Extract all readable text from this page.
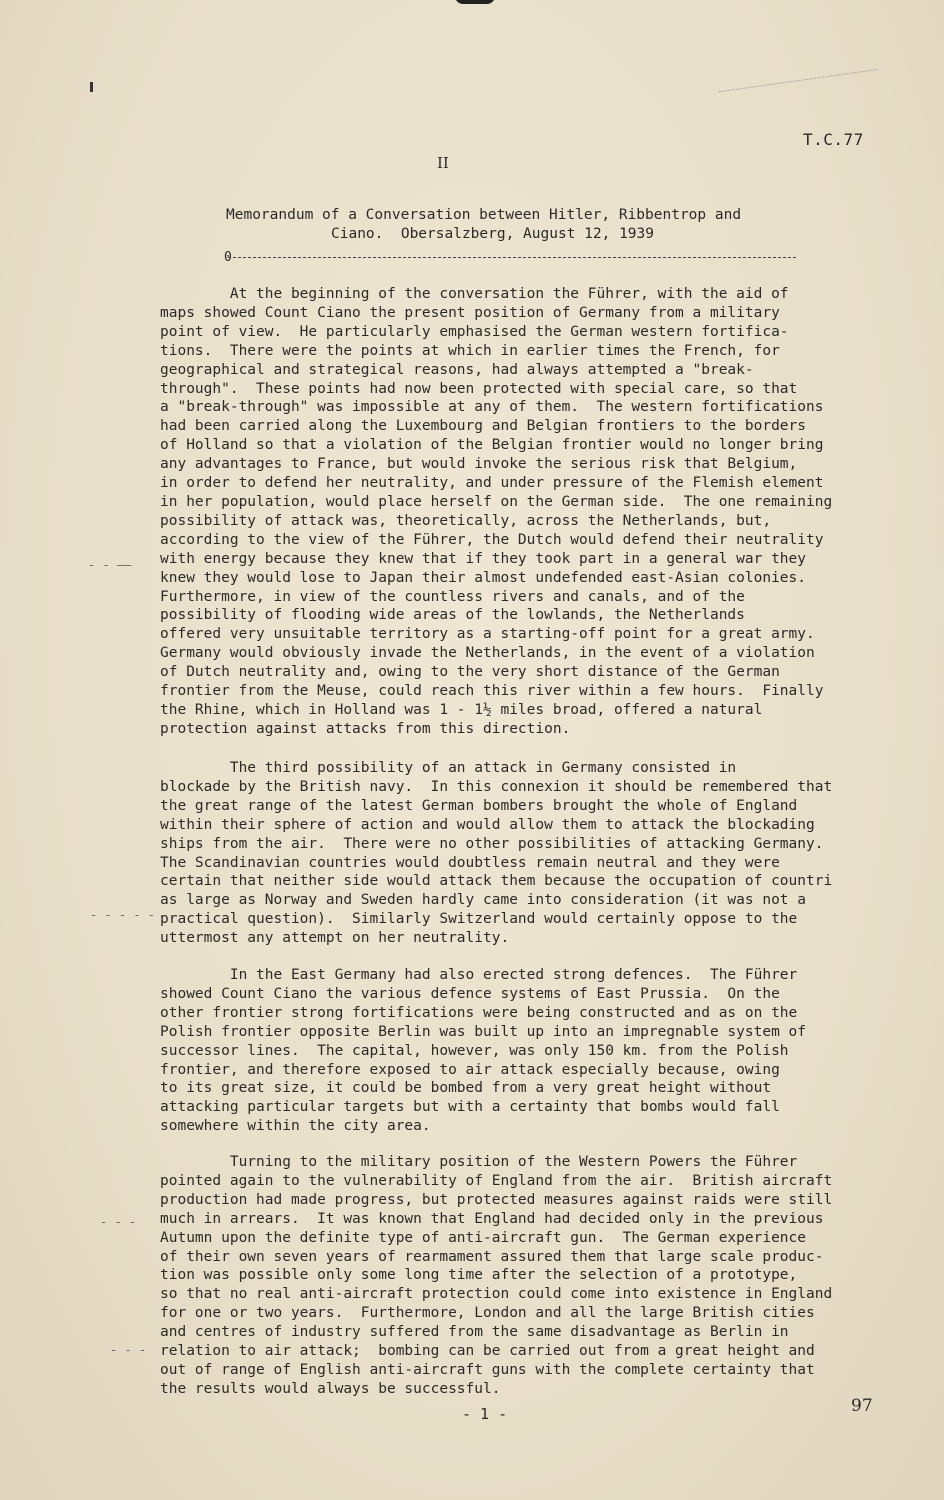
T.C.77
II
Memorandum of a Conversation between Hitler, Ribbentrop and
Ciano.  Obersalzberg, August 12, 1939
0
At the beginning of the conversation the Führer, with the aid of
maps showed Count Ciano the present position of Germany from a military
point of view.  He particularly emphasised the German western fortifica-
tions.  There were the points at which in earlier times the French, for
geographical and strategical reasons, had always attempted a "break-
through".  These points had now been protected with special care, so that
a "break-through" was impossible at any of them.  The western fortifications
had been carried along the Luxembourg and Belgian frontiers to the borders
of Holland so that a violation of the Belgian frontier would no longer bring
any advantages to France, but would invoke the serious risk that Belgium,
in order to defend her neutrality, and under pressure of the Flemish element
in her population, would place herself on the German side.  The one remaining
possibility of attack was, theoretically, across the Netherlands, but,
according to the view of the Führer, the Dutch would defend their neutrality
with energy because they knew that if they took part in a general war they
knew they would lose to Japan their almost undefended east-Asian colonies.
Furthermore, in view of the countless rivers and canals, and of the
possibility of flooding wide areas of the lowlands, the Netherlands
offered very unsuitable territory as a starting-off point for a great army.
Germany would obviously invade the Netherlands, in the event of a violation
of Dutch neutrality and, owing to the very short distance of the German
frontier from the Meuse, could reach this river within a few hours.  Finally
the Rhine, which in Holland was 1 - 1½ miles broad, offered a natural
protection against attacks from this direction.
The third possibility of an attack in Germany consisted in
blockade by the British navy.  In this connexion it should be remembered that
the great range of the latest German bombers brought the whole of England
within their sphere of action and would allow them to attack the blockading
ships from the air.  There were no other possibilities of attacking Germany.
The Scandinavian countries would doubtless remain neutral and they were
certain that neither side would attack them because the occupation of countri
as large as Norway and Sweden hardly came into consideration (it was not a
practical question).  Similarly Switzerland would certainly oppose to the
uttermost any attempt on her neutrality.
In the East Germany had also erected strong defences.  The Führer
showed Count Ciano the various defence systems of East Prussia.  On the
other frontier strong fortifications were being constructed and as on the
Polish frontier opposite Berlin was built up into an impregnable system of
successor lines.  The capital, however, was only 150 km. from the Polish
frontier, and therefore exposed to air attack especially because, owing
to its great size, it could be bombed from a very great height without
attacking particular targets but with a certainty that bombs would fall
somewhere within the city area.
Turning to the military position of the Western Powers the Führer
pointed again to the vulnerability of England from the air.  British aircraft
production had made progress, but protected measures against raids were still
much in arrears.  It was known that England had decided only in the previous
Autumn upon the definite type of anti-aircraft gun.  The German experience
of their own seven years of rearmament assured them that large scale produc-
tion was possible only some long time after the selection of a prototype,
so that no real anti-aircraft protection could come into existence in England
for one or two years.  Furthermore, London and all the large British cities
and centres of industry suffered from the same disadvantage as Berlin in
relation to air attack;  bombing can be carried out from a great height and
out of range of English anti-aircraft guns with the complete certainty that
the results would always be successful.
- - ——
- - - - -
- - -
- - -
- 1 -	97
